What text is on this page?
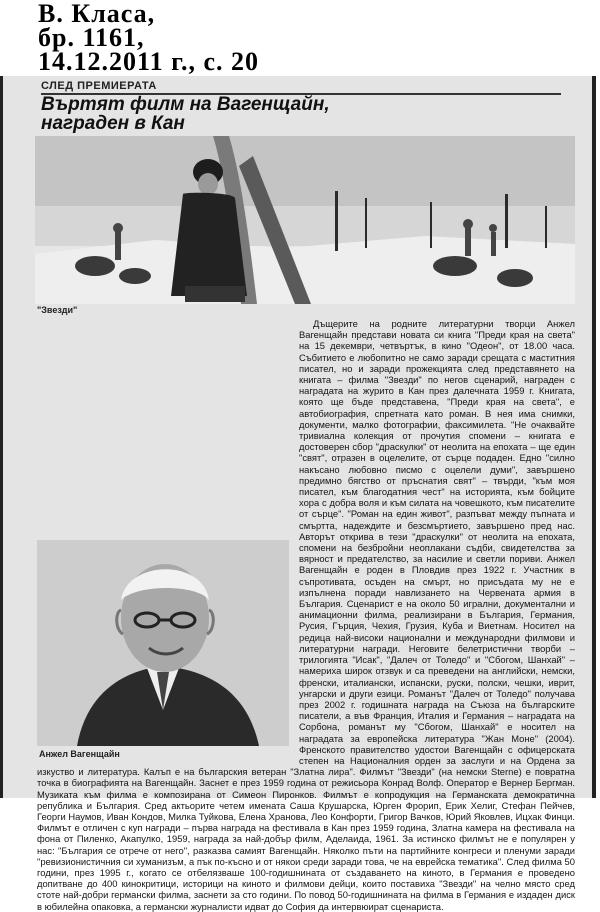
В. Класа,
бр. 1161,
14.12.2011 г., с. 20
СЛЕД ПРЕМИЕРАТА
Въртят филм на Вагенщайн,
награден в Кан
"Звезди"
Анжел Вагенщайн

Дъщерите на родните литературни творци Анжел Вагенщайн представи новата си книга "Преди края на света" на 15 декември, четвъртък, в кино "Одеон", от 18.00 часа. Събитието е любопитно не само заради срещата с маститния писател, но и заради прожекцията след представянето на книгата – филма "Звезди" по негов сценарий, награден с наградата на журито в Кан през далечната 1959 г. Книгата, която ще бъде представена, "Преди края на света", е автобиография, спретната като роман. В нея има снимки, документи, малко фотографии, факсимилета. "Не очаквайте тривиална колекция от прочутия спомени – книгата е достоверен сбор "драскулки" от неолита на епохата – ще един "свят", отразен в оцелелите, от сърце подаден. Едно "силно накъсано любовно писмо с оцелели думи", завършено предимно бягство от пръснатия свят" – твърди, "към моя писател, към благодатния чест" на историята, към бойците хора с добра воля и към силата на човешкото, към писателите от сърце". "Роман на един живот", разпъват между пъпната и смъртта, надеждите и безсмъртието, завършено пред нас. Авторът открива в тези "драскулки" от неолита на епохата, спомени на безбройни неоплакани съдби, свидетелства за вярност и предателство, за насилие и светли пориви. Анжел Вагенщайн е роден в Пловдив през 1922 г. Участник в съпротивата, осъден на смърт, но присъдата му не е изпълнена поради навлизането на Червената армия в България. Сценарист е на около 50 игрални, документални и анимационни филма, реализирани в България, Германия, Русия, Гърция, Чехия, Грузия, Куба и Виетнам. Носител на редица най-високи национални и международни филмови и литературни награди. Неговите белетристични творби – трилогията "Исак", "Далеч от Толедо" и "Сбогом, Шанхай" – намериха широк отзвук и са преведени на английски, немски, френски, италиански, испански, руски, полски, чешки, иврит, унгарски и други езици. Романът "Далеч от Толедо" получава през 2002 г. годишната награда на Съюза на българските писатели, а във Франция, Италия и Германия – наградата на Сорбона, романът му "Сбогом, Шанхай" е носител на наградата за европейска литература "Жан Моне" (2004). Френското правителство удостои Вагенщайн с офицерската степен на Националния орден за заслуги и на Ордена за изкуство и литература. Калъп е на българския ветеран "Златна лира". Филмът "Звезди" (на немски Sterne) е повратна точка в биографията на Вагенщайн. Заснет е през 1959 година от режисьора Конрад Волф. Оператор е Вернер Бергман. Музиката към филма е композирана от Симеон Пиронков. Филмът е копродукция на Германската демократична република и България. Сред актьорите четем имената Саша Крушарска, Юрген Фрорип, Ерик Хелиг, Стефан Пейчев, Георги Наумов, Иван Кондов, Милка Туйкова, Елена Хранова, Лео Конфорти, Григор Вачков, Юрий Яковлев, Ицхак Финци. Филмът е отличен с куп награди – първа награда на фестивала в Кан през 1959 година, Златна камера на фестивала на фона от Пиленко, Акапулко, 1959, награда за най-добър филм, Аделаида, 1961. За истинско филмът не е популярен у нас: "България се отрече от него", разказва самият Вагенщайн. Няколко пъти на партийните конгреси и пленуми заради "ревизионистичния си хуманизъм, а пък по-късно и от някои среди заради това, че на еврейска тематика". След филма 50 години, през 1995 г., когато се отбелязваше 100-годишнината от създаването на киното, в Германия е проведено допитване до 400 кинокритици, историци на киното и филмови дейци, които поставиха "Звезди" на челно място сред стоте най-добри германски филма, заснети за сто години. По повод 50-годишнината на филма в Германия е издаден диск в юбилейна опаковка, а германски журналисти идват до София да интервюират сценариста.
